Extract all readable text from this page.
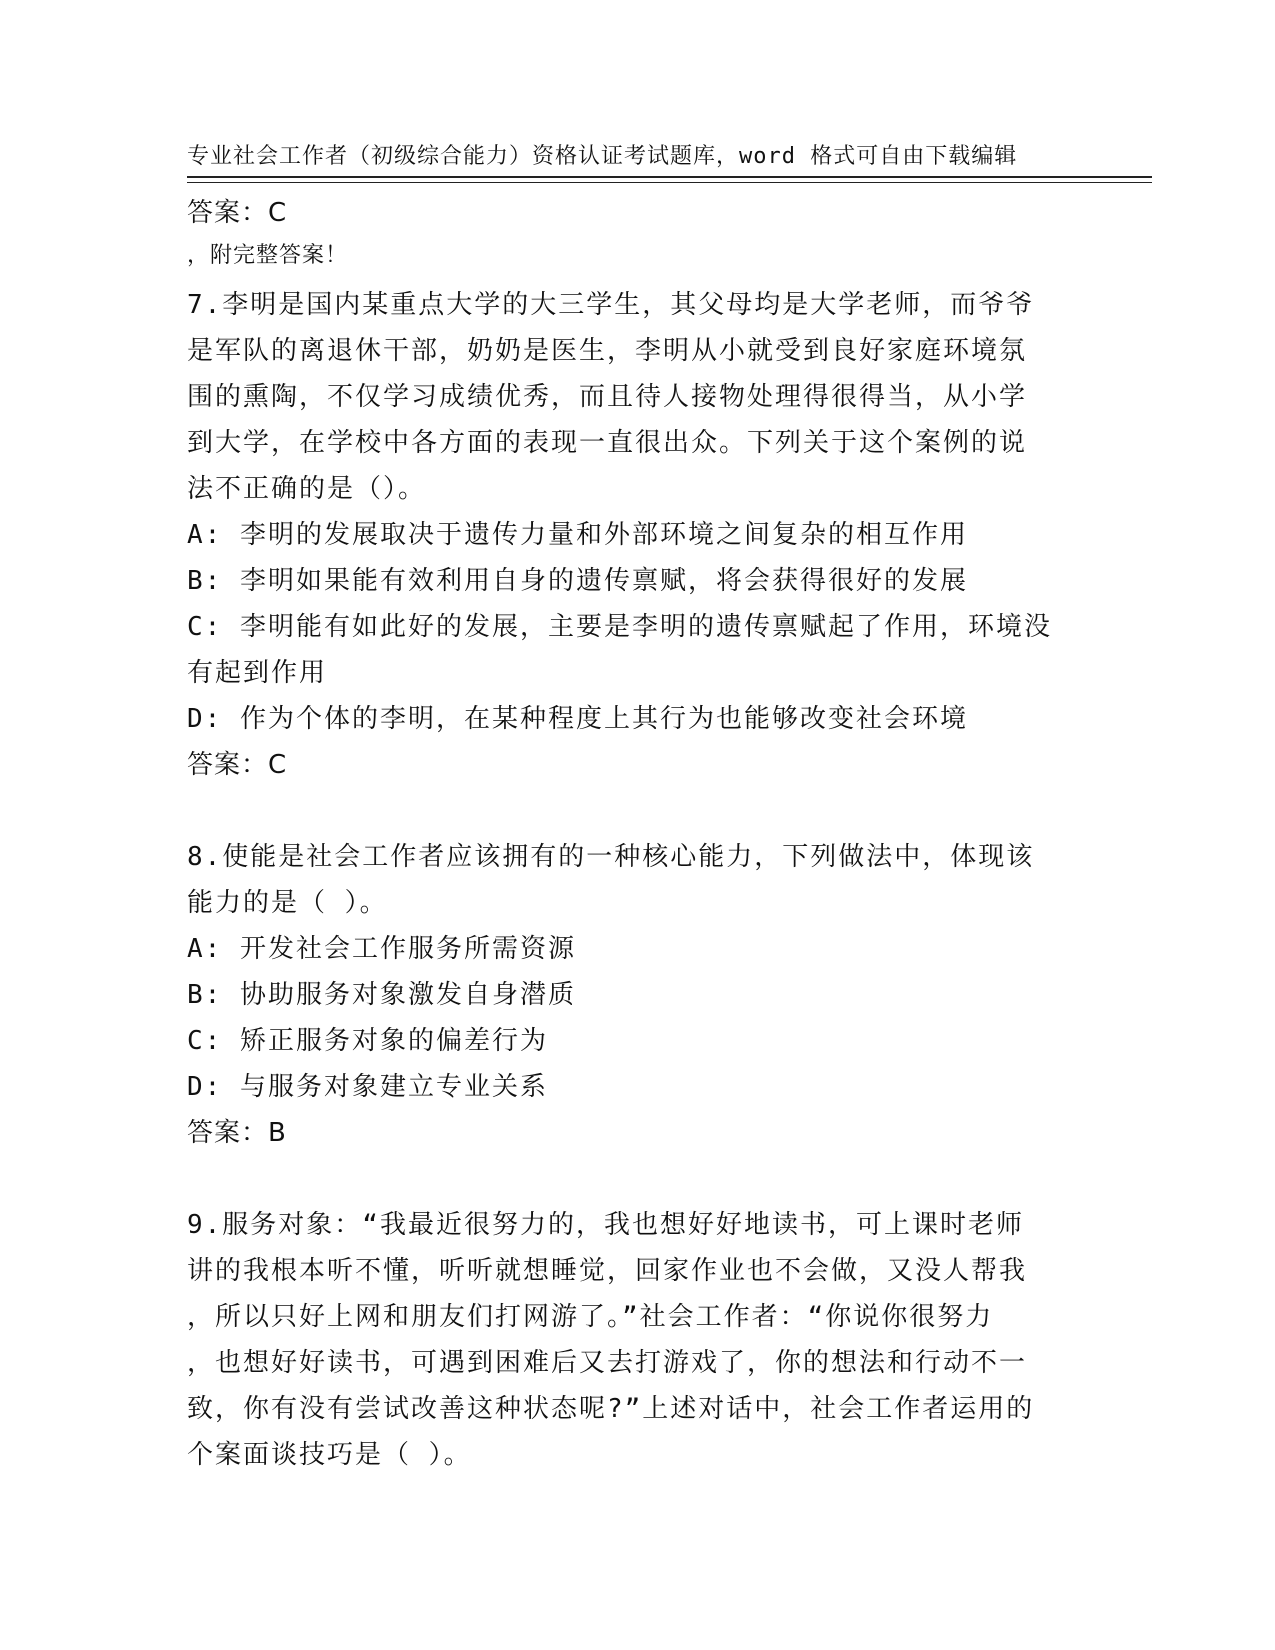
专业社会工作者（初级综合能力）资格认证考试题库，word 格式可自由下载编辑

，附完整答案！

答案：C
7.李明是国内某重点大学的大三学生，其父母均是大学老师，而爷爷
是军队的离退休干部，奶奶是医生，李明从小就受到良好家庭环境氛
围的熏陶，不仅学习成绩优秀，而且待人接物处理得很得当，从小学
到大学，在学校中各方面的表现一直很出众。下列关于这个案例的说
法不正确的是（）。
A: 李明的发展取决于遗传力量和外部环境之间复杂的相互作用
B: 李明如果能有效利用自身的遗传禀赋，将会获得很好的发展
C: 李明能有如此好的发展，主要是李明的遗传禀赋起了作用，环境没
有起到作用
D: 作为个体的李明，在某种程度上其行为也能够改变社会环境
答案：C
8.使能是社会工作者应该拥有的一种核心能力，下列做法中，体现该
能力的是（ ）。
A: 开发社会工作服务所需资源
B: 协助服务对象激发自身潜质
C: 矫正服务对象的偏差行为
D: 与服务对象建立专业关系
答案：B
9.服务对象：“我最近很努力的，我也想好好地读书，可上课时老师
讲的我根本听不懂，听听就想睡觉，回家作业也不会做，又没人帮我
，所以只好上网和朋友们打网游了。”社会工作者：“你说你很努力
，也想好好读书，可遇到困难后又去打游戏了，你的想法和行动不一
致，你有没有尝试改善这种状态呢?”上述对话中，社会工作者运用的
个案面谈技巧是（ ）。
